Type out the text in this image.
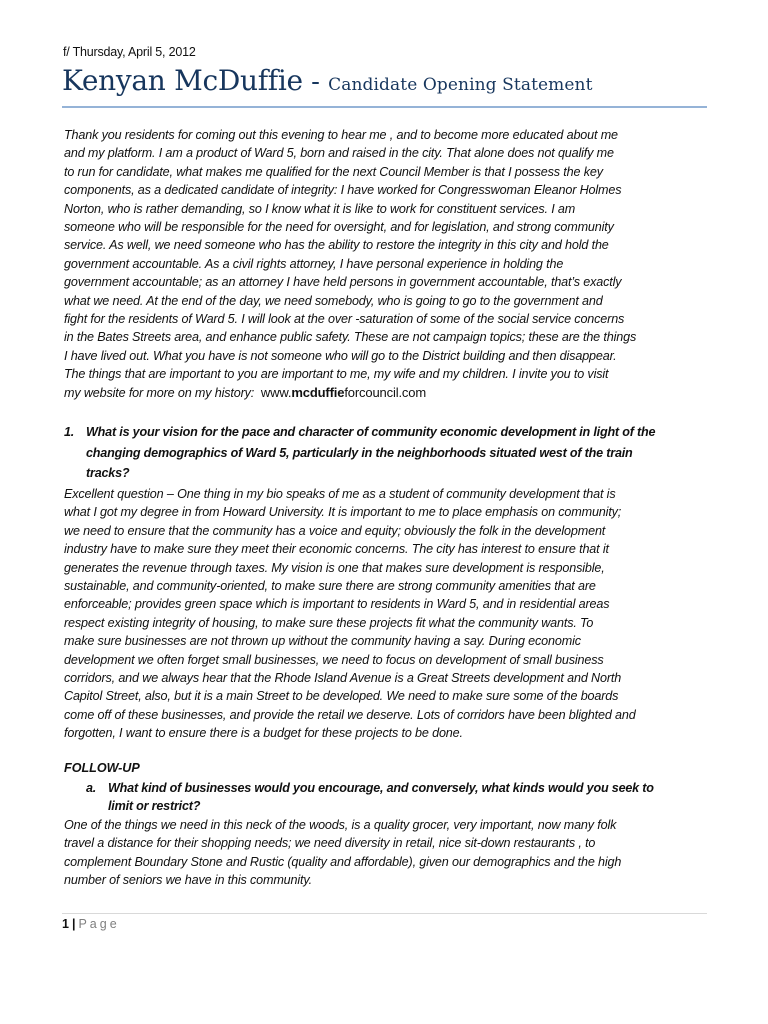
f/ Thursday, April 5, 2012
Kenyan McDuffie - Candidate Opening Statement
Thank you residents for coming out this evening to hear me , and to become more educated about me
and my platform. I am a product of Ward 5, born and raised in the city. That alone does not qualify me
to run for candidate, what makes me qualified for the next Council Member is that I possess the key
components, as a dedicated candidate of integrity: I have worked for Congresswoman Eleanor Holmes
Norton, who is rather demanding, so I know what it is like to work for constituent services. I am
someone who will be responsible for the need for oversight, and for legislation, and strong community
service. As well, we need someone who has the ability to restore the integrity in this city and hold the
government accountable. As a civil rights attorney, I have personal experience in holding the
government accountable; as an attorney I have held persons in government accountable, that’s exactly
what we need. At the end of the day, we need somebody, who is going to go to the government and
fight for the residents of Ward 5. I will look at the over -saturation of some of the social service concerns
in the Bates Streets area, and enhance public safety. These are not campaign topics; these are the things
I have lived out. What you have is not someone who will go to the District building and then disappear.
The things that are important to you are important to me, my wife and my children. I invite you to visit
my website for more on my history:  www.mcduffieforcouncil.com
1. What is your vision for the pace and character of community economic development in light of the
changing demographics of Ward 5, particularly in the neighborhoods situated west of the train
tracks?
Excellent question – One thing in my bio speaks of me as a student of community development that is
what I got my degree in from Howard University. It is important to me to place emphasis on community;
we need to ensure that the community has a voice and equity; obviously the folk in the development
industry have to make sure they meet their economic concerns. The city has interest to ensure that it
generates the revenue through taxes. My vision is one that makes sure development is responsible,
sustainable, and community-oriented, to make sure there are strong community amenities that are
enforceable; provides green space which is important to residents in Ward 5, and in residential areas
respect existing integrity of housing, to make sure these projects fit what the community wants. To
make sure businesses are not thrown up without the community having a say. During economic
development we often forget small businesses, we need to focus on development of small business
corridors, and we always hear that the Rhode Island Avenue is a Great Streets development and North
Capitol Street, also, but it is a main Street to be developed. We need to make sure some of the boards
come off of these businesses, and provide the retail we deserve. Lots of corridors have been blighted and
forgotten, I want to ensure there is a budget for these projects to be done.
FOLLOW-UP
a. What kind of businesses would you encourage, and conversely, what kinds would you seek to
limit or restrict?
One of the things we need in this neck of the woods, is a quality grocer, very important, now many folk
travel a distance for their shopping needs; we need diversity in retail, nice sit-down restaurants , to
complement Boundary Stone and Rustic (quality and affordable), given our demographics and the high
number of seniors we have in this community.
1 | Page
